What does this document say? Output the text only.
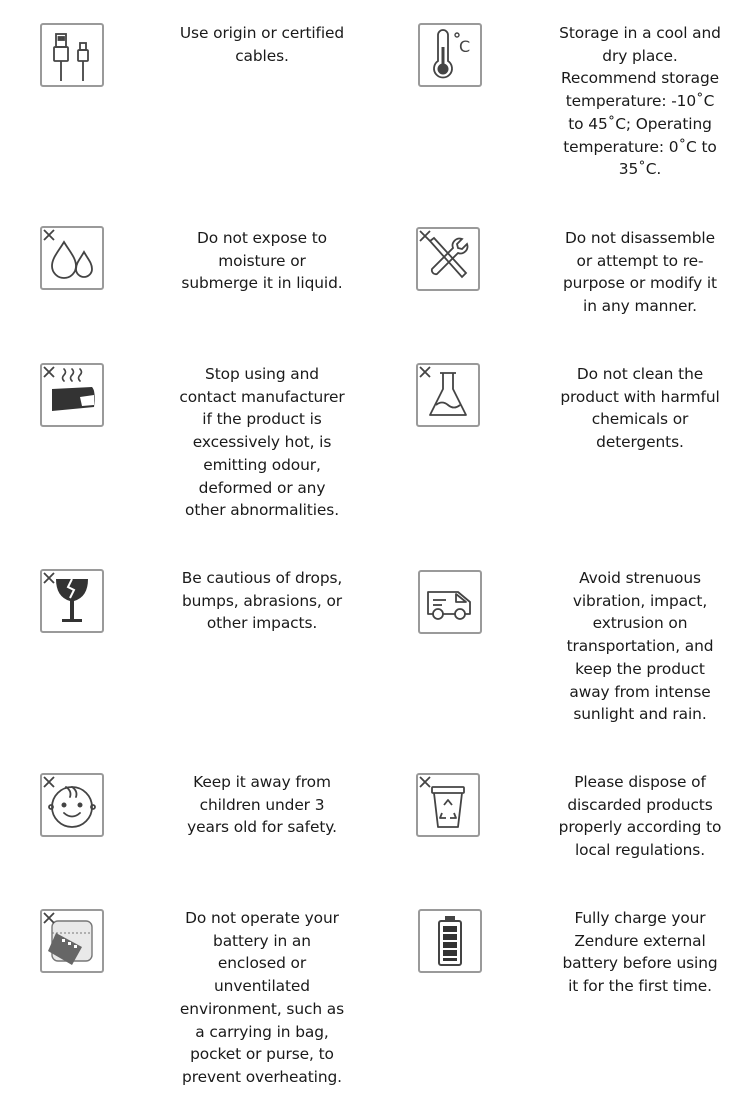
Use origin or certified

cables.	C

Storage in a cool and

dry place.

Recommend storage

temperature: -10˚C

to 45˚C; Operating

temperature: 0˚C to

35˚C.

Do not expose to

moisture or

submerge it in liquid.

Do not disassemble

or attempt to re-

purpose or modify it

in any manner.

Stop using and

contact manufacturer

if the product is

excessively hot, is

emitting odour,

deformed or any

other abnormalities.

Do not clean the

product with harmful

chemicals or

detergents.

Be cautious of drops,

bumps, abrasions, or

other impacts.

Avoid strenuous

vibration, impact,

extrusion on

transportation, and

keep the product

away from intense

sunlight and rain.

Keep it away from

children under 3

years old for safety.

Please dispose of

discarded products

properly according to

local regulations.

Do not operate your

battery in an

enclosed or

unventilated

environment, such as

a carrying in bag,

pocket or purse, to

prevent overheating.

Fully charge your

Zendure external

battery before using

it for the first time.
